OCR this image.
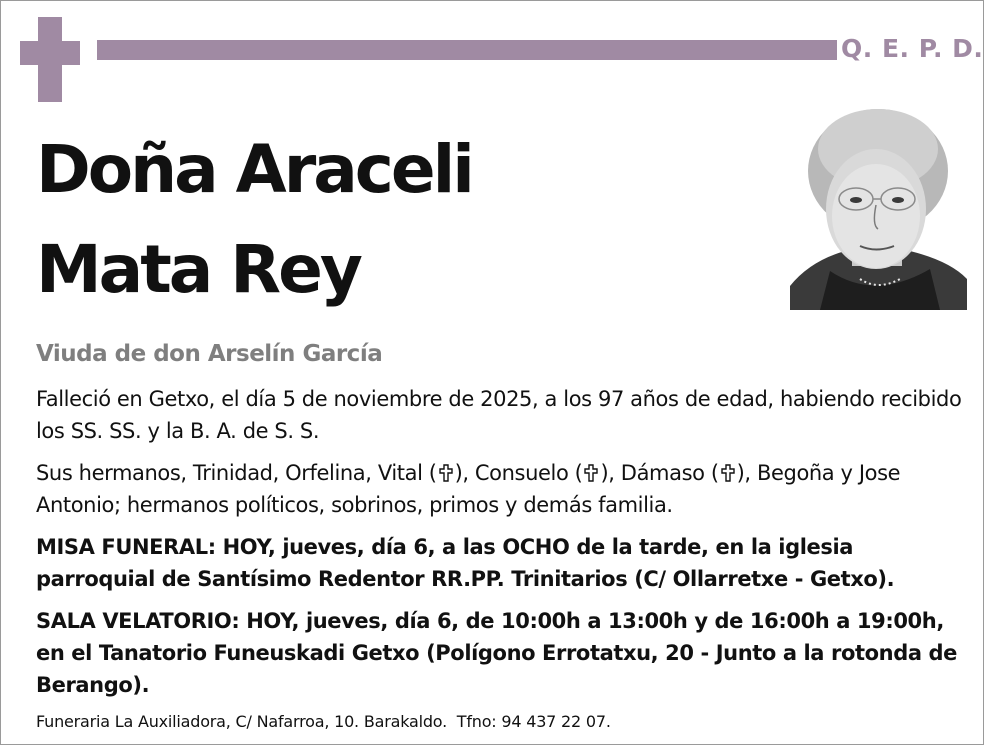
Q. E. P. D.
Doña Araceli
Mata Rey
Viuda de don Arselín García
Falleció en Getxo, el día 5 de noviembre de 2025, a los 97 años de edad, habiendo recibido los SS. SS. y la B. A. de S. S.
Sus hermanos, Trinidad, Orfelina, Vital ( ), Consuelo ( ), Dámaso ( ), Begoña y Jose Antonio; hermanos políticos, sobrinos, primos y demás familia.
MISA FUNERAL: HOY, jueves, día 6, a las OCHO de la tarde, en la iglesia parroquial de Santísimo Redentor RR.PP. Trinitarios (C/ Ollarretxe - Getxo).
SALA VELATORIO: HOY, jueves, día 6, de 10:00h a 13:00h y de 16:00h a 19:00h, en el Tanatorio Funeuskadi Getxo (Polígono Errotatxu, 20 - Junto a la rotonda de Berango).
Funeraria La Auxiliadora, C/ Nafarroa, 10. Barakaldo.  Tfno: 94 437 22 07.
